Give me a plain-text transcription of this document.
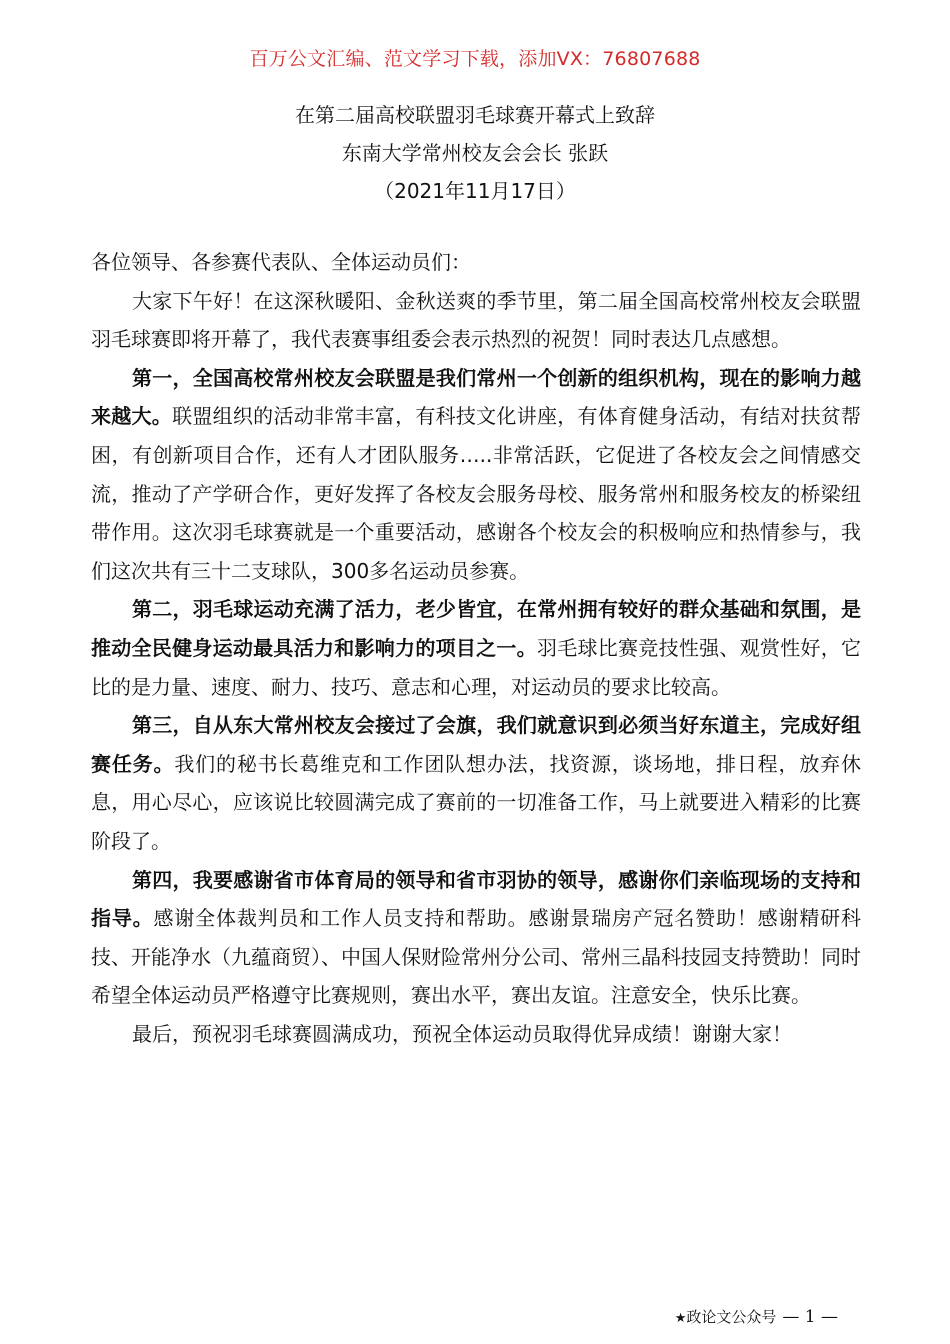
百万公文汇编、范文学习下载，添加VX：76807688
在第二届高校联盟羽毛球赛开幕式上致辞
东南大学常州校友会会长 张跃
（2021年11月17日）

各位领导、各参赛代表队、全体运动员们：

大家下午好！在这深秋暖阳、金秋送爽的季节里，第二届全国高校常州校友会联盟羽毛球赛即将开幕了，我代表赛事组委会表示热烈的祝贺！同时表达几点感想。

第一，全国高校常州校友会联盟是我们常州一个创新的组织机构，现在的影响力越来越大。联盟组织的活动非常丰富，有科技文化讲座，有体育健身活动，有结对扶贫帮困，有创新项目合作，还有人才团队服务…..非常活跃，它促进了各校友会之间情感交流，推动了产学研合作，更好发挥了各校友会服务母校、服务常州和服务校友的桥梁纽带作用。这次羽毛球赛就是一个重要活动，感谢各个校友会的积极响应和热情参与，我们这次共有三十二支球队，300多名运动员参赛。

第二，羽毛球运动充满了活力，老少皆宜，在常州拥有较好的群众基础和氛围，是推动全民健身运动最具活力和影响力的项目之一。羽毛球比赛竞技性强、观赏性好，它比的是力量、速度、耐力、技巧、意志和心理，对运动员的要求比较高。

第三，自从东大常州校友会接过了会旗，我们就意识到必须当好东道主，完成好组赛任务。我们的秘书长葛维克和工作团队想办法，找资源，谈场地，排日程，放弃休息，用心尽心，应该说比较圆满完成了赛前的一切准备工作，马上就要进入精彩的比赛阶段了。

第四，我要感谢省市体育局的领导和省市羽协的领导，感谢你们亲临现场的支持和指导。感谢全体裁判员和工作人员支持和帮助。感谢景瑞房产冠名赞助！感谢精研科技、开能净水（九蕴商贸）、中国人保财险常州分公司、常州三晶科技园支持赞助！同时希望全体运动员严格遵守比赛规则，赛出水平，赛出友谊。注意安全，快乐比赛。

最后，预祝羽毛球赛圆满成功，预祝全体运动员取得优异成绩！谢谢大家！

★政论文公众号 — 1 —
